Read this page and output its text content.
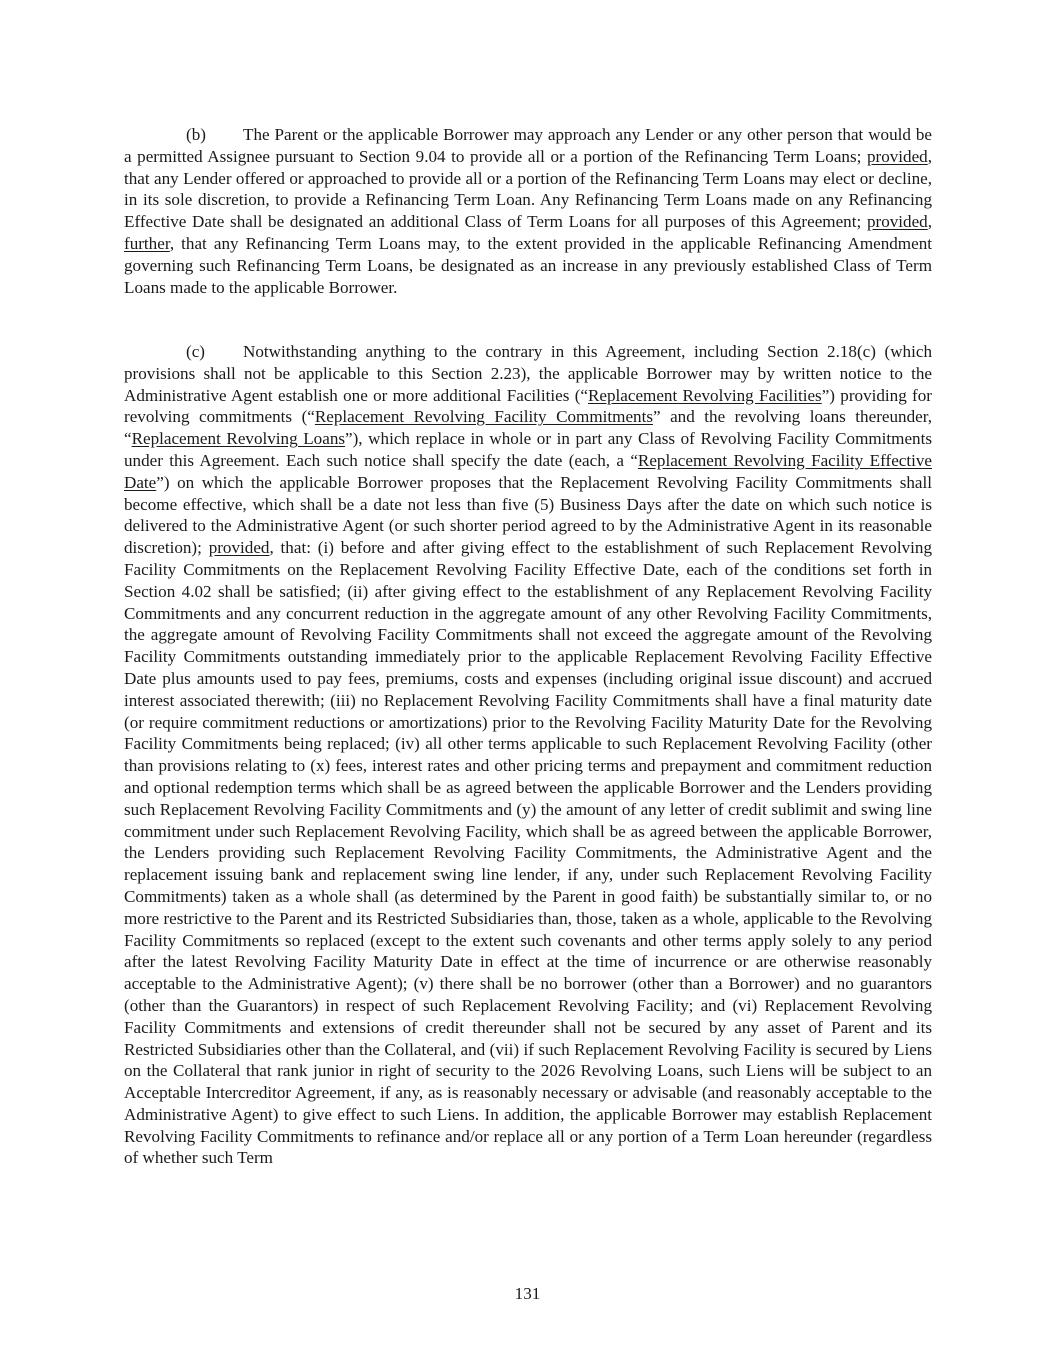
(b) The Parent or the applicable Borrower may approach any Lender or any other person that would be a permitted Assignee pursuant to Section 9.04 to provide all or a portion of the Refinancing Term Loans; provided, that any Lender offered or approached to provide all or a portion of the Refinancing Term Loans may elect or decline, in its sole discretion, to provide a Refinancing Term Loan. Any Refinancing Term Loans made on any Refinancing Effective Date shall be designated an additional Class of Term Loans for all purposes of this Agreement; provided, further, that any Refinancing Term Loans may, to the extent provided in the applicable Refinancing Amendment governing such Refinancing Term Loans, be designated as an increase in any previously established Class of Term Loans made to the applicable Borrower.

(c) Notwithstanding anything to the contrary in this Agreement, including Section 2.18(c) (which provisions shall not be applicable to this Section 2.23), the applicable Borrower may by written notice to the Administrative Agent establish one or more additional Facilities (“Replacement Revolving Facilities”) providing for revolving commitments (“Replacement Revolving Facility Commitments” and the revolving loans thereunder, “Replacement Revolving Loans”), which replace in whole or in part any Class of Revolving Facility Commitments under this Agreement. Each such notice shall specify the date (each, a “Replacement Revolving Facility Effective Date”) on which the applicable Borrower proposes that the Replacement Revolving Facility Commitments shall become effective, which shall be a date not less than five (5) Business Days after the date on which such notice is delivered to the Administrative Agent (or such shorter period agreed to by the Administrative Agent in its reasonable discretion); provided, that: (i) before and after giving effect to the establishment of such Replacement Revolving Facility Commitments on the Replacement Revolving Facility Effective Date, each of the conditions set forth in Section 4.02 shall be satisfied; (ii) after giving effect to the establishment of any Replacement Revolving Facility Commitments and any concurrent reduction in the aggregate amount of any other Revolving Facility Commitments, the aggregate amount of Revolving Facility Commitments shall not exceed the aggregate amount of the Revolving Facility Commitments outstanding immediately prior to the applicable Replacement Revolving Facility Effective Date plus amounts used to pay fees, premiums, costs and expenses (including original issue discount) and accrued interest associated therewith; (iii) no Replacement Revolving Facility Commitments shall have a final maturity date (or require commitment reductions or amortizations) prior to the Revolving Facility Maturity Date for the Revolving Facility Commitments being replaced; (iv) all other terms applicable to such Replacement Revolving Facility (other than provisions relating to (x) fees, interest rates and other pricing terms and prepayment and commitment reduction and optional redemption terms which shall be as agreed between the applicable Borrower and the Lenders providing such Replacement Revolving Facility Commitments and (y) the amount of any letter of credit sublimit and swing line commitment under such Replacement Revolving Facility, which shall be as agreed between the applicable Borrower, the Lenders providing such Replacement Revolving Facility Commitments, the Administrative Agent and the replacement issuing bank and replacement swing line lender, if any, under such Replacement Revolving Facility Commitments) taken as a whole shall (as determined by the Parent in good faith) be substantially similar to, or no more restrictive to the Parent and its Restricted Subsidiaries than, those, taken as a whole, applicable to the Revolving Facility Commitments so replaced (except to the extent such covenants and other terms apply solely to any period after the latest Revolving Facility Maturity Date in effect at the time of incurrence or are otherwise reasonably acceptable to the Administrative Agent); (v) there shall be no borrower (other than a Borrower) and no guarantors (other than the Guarantors) in respect of such Replacement Revolving Facility; and (vi) Replacement Revolving Facility Commitments and extensions of credit thereunder shall not be secured by any asset of Parent and its Restricted Subsidiaries other than the Collateral, and (vii) if such Replacement Revolving Facility is secured by Liens on the Collateral that rank junior in right of security to the 2026 Revolving Loans, such Liens will be subject to an Acceptable Intercreditor Agreement, if any, as is reasonably necessary or advisable (and reasonably acceptable to the Administrative Agent) to give effect to such Liens. In addition, the applicable Borrower may establish Replacement Revolving Facility Commitments to refinance and/or replace all or any portion of a Term Loan hereunder (regardless of whether such Term

131
